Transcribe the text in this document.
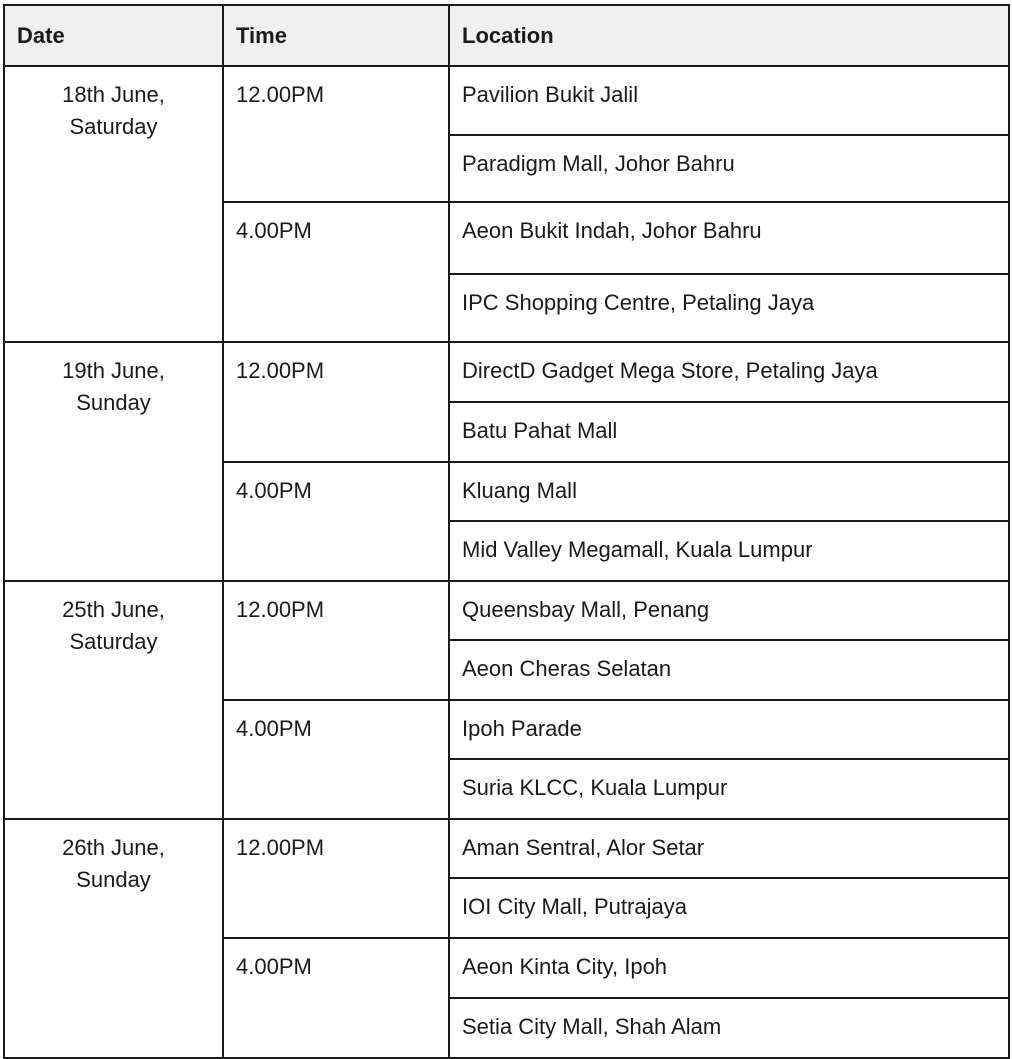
Date	Time	Location

18th June,
Saturday	12.00PM	Pavilion Bukit Jalil
		Paradigm Mall, Johor Bahru
	4.00PM	Aeon Bukit Indah, Johor Bahru
		IPC Shopping Centre, Petaling Jaya

19th June,
Sunday	12.00PM	DirectD Gadget Mega Store, Petaling Jaya
		Batu Pahat Mall
	4.00PM	Kluang Mall
		Mid Valley Megamall, Kuala Lumpur

25th June,
Saturday	12.00PM	Queensbay Mall, Penang
		Aeon Cheras Selatan
	4.00PM	Ipoh Parade
		Suria KLCC, Kuala Lumpur

26th June,
Sunday	12.00PM	Aman Sentral, Alor Setar
		IOI City Mall, Putrajaya
	4.00PM	Aeon Kinta City, Ipoh
		Setia City Mall, Shah Alam
